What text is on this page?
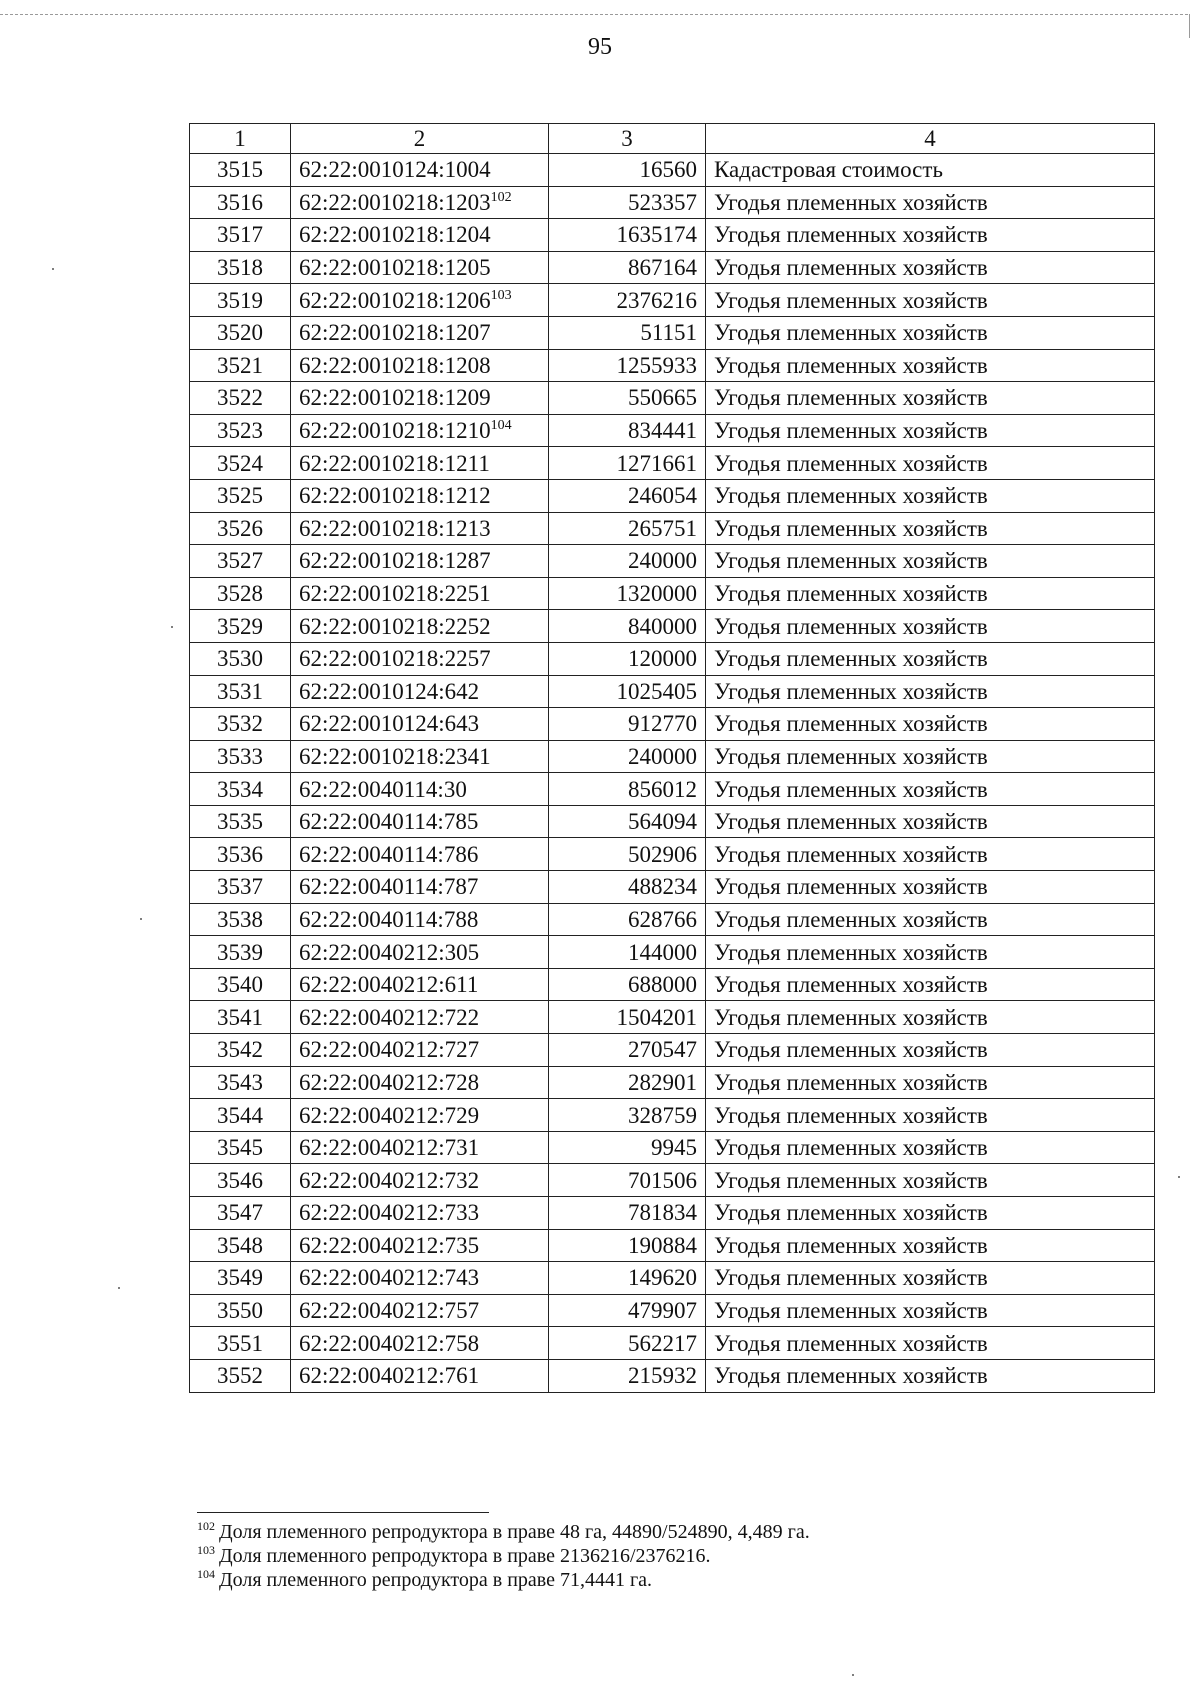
95
1	2	3	4
3515	62:22:0010124:1004	16560	Кадастровая стоимость
3516	62:22:0010218:1203$^{102}$	523357	Угодья племенных хозяйств
3517	62:22:0010218:1204	1635174	Угодья племенных хозяйств
3518	62:22:0010218:1205	867164	Угодья племенных хозяйств
3519	62:22:0010218:1206$^{103}$	2376216	Угодья племенных хозяйств
3520	62:22:0010218:1207	51151	Угодья племенных хозяйств
3521	62:22:0010218:1208	1255933	Угодья племенных хозяйств
3522	62:22:0010218:1209	550665	Угодья племенных хозяйств
3523	62:22:0010218:1210$^{104}$	834441	Угодья племенных хозяйств
3524	62:22:0010218:1211	1271661	Угодья племенных хозяйств
3525	62:22:0010218:1212	246054	Угодья племенных хозяйств
3526	62:22:0010218:1213	265751	Угодья племенных хозяйств
3527	62:22:0010218:1287	240000	Угодья племенных хозяйств
3528	62:22:0010218:2251	1320000	Угодья племенных хозяйств
3529	62:22:0010218:2252	840000	Угодья племенных хозяйств
3530	62:22:0010218:2257	120000	Угодья племенных хозяйств
3531	62:22:0010124:642	1025405	Угодья племенных хозяйств
3532	62:22:0010124:643	912770	Угодья племенных хозяйств
3533	62:22:0010218:2341	240000	Угодья племенных хозяйств
3534	62:22:0040114:30	856012	Угодья племенных хозяйств
3535	62:22:0040114:785	564094	Угодья племенных хозяйств
3536	62:22:0040114:786	502906	Угодья племенных хозяйств
3537	62:22:0040114:787	488234	Угодья племенных хозяйств
3538	62:22:0040114:788	628766	Угодья племенных хозяйств
3539	62:22:0040212:305	144000	Угодья племенных хозяйств
3540	62:22:0040212:611	688000	Угодья племенных хозяйств
3541	62:22:0040212:722	1504201	Угодья племенных хозяйств
3542	62:22:0040212:727	270547	Угодья племенных хозяйств
3543	62:22:0040212:728	282901	Угодья племенных хозяйств
3544	62:22:0040212:729	328759	Угодья племенных хозяйств
3545	62:22:0040212:731	9945	Угодья племенных хозяйств
3546	62:22:0040212:732	701506	Угодья племенных хозяйств
3547	62:22:0040212:733	781834	Угодья племенных хозяйств
3548	62:22:0040212:735	190884	Угодья племенных хозяйств
3549	62:22:0040212:743	149620	Угодья племенных хозяйств
3550	62:22:0040212:757	479907	Угодья племенных хозяйств
3551	62:22:0040212:758	562217	Угодья племенных хозяйств
3552	62:22:0040212:761	215932	Угодья племенных хозяйств
$^{102}$ Доля племенного репродуктора в праве 48 га, 44890/524890, 4,489 га.
$^{103}$ Доля племенного репродуктора в праве 2136216/2376216.
$^{104}$ Доля племенного репродуктора в праве 71,4441 га.
